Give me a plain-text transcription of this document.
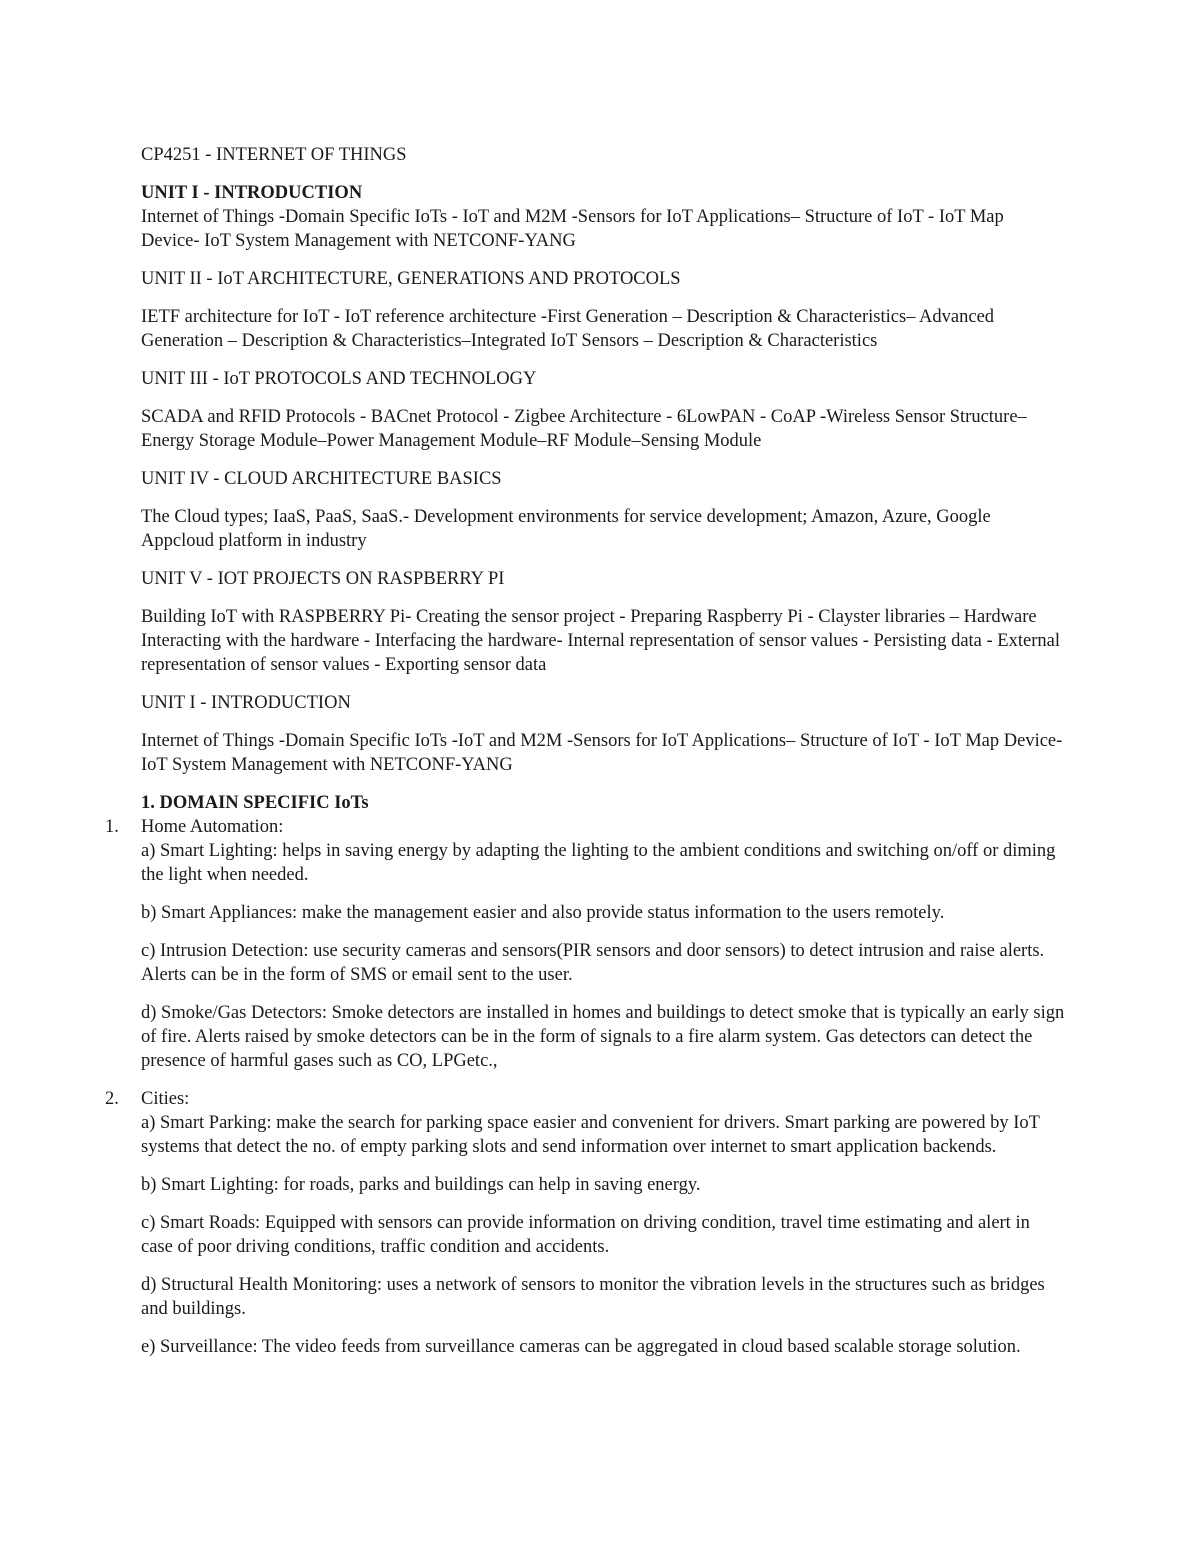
CP4251 - INTERNET OF THINGS

UNIT I - INTRODUCTION

Internet of Things -Domain Specific IoTs - IoT and M2M -Sensors for IoT Applications– Structure of IoT - IoT Map Device- IoT System Management with NETCONF-YANG

UNIT II - IoT ARCHITECTURE, GENERATIONS AND PROTOCOLS

IETF architecture for IoT - IoT reference architecture -First Generation – Description & Characteristics– Advanced Generation – Description & Characteristics–Integrated IoT Sensors – Description & Characteristics

UNIT III - IoT PROTOCOLS AND TECHNOLOGY

SCADA and RFID Protocols - BACnet Protocol - Zigbee Architecture - 6LowPAN - CoAP -Wireless Sensor Structure–Energy Storage Module–Power Management Module–RF Module–Sensing Module

UNIT IV - CLOUD ARCHITECTURE BASICS

The Cloud types; IaaS, PaaS, SaaS.- Development environments for service development; Amazon, Azure, Google Appcloud platform in industry

UNIT V - IOT PROJECTS ON RASPBERRY PI

Building IoT with RASPBERRY Pi- Creating the sensor project - Preparing Raspberry Pi - Clayster libraries – Hardware Interacting with the hardware - Interfacing the hardware- Internal representation of sensor values - Persisting data - External representation of sensor values - Exporting sensor data

UNIT I - INTRODUCTION

Internet of Things -Domain Specific IoTs -IoT and M2M -Sensors for IoT Applications– Structure of IoT - IoT Map Device- IoT System Management with NETCONF-YANG

1. DOMAIN SPECIFIC IoTs

1. Home Automation:

a) Smart Lighting: helps in saving energy by adapting the lighting to the ambient conditions and switching on/off or diming the light when needed.

b) Smart Appliances: make the management easier and also provide status information to the users remotely.

c) Intrusion Detection: use security cameras and sensors(PIR sensors and door sensors) to detect intrusion and raise alerts. Alerts can be in the form of SMS or email sent to the user.

d) Smoke/Gas Detectors: Smoke detectors are installed in homes and buildings to detect smoke that is typically an early sign of fire. Alerts raised by smoke detectors can be in the form of signals to a fire alarm system. Gas detectors can detect the presence of harmful gases such as CO, LPGetc.,

2. Cities:

a) Smart Parking: make the search for parking space easier and convenient for drivers. Smart parking are powered by IoT systems that detect the no. of empty parking slots and send information over internet to smart application backends.

b) Smart Lighting: for roads, parks and buildings can help in saving energy.

c) Smart Roads: Equipped with sensors can provide information on driving condition, travel time estimating and alert in case of poor driving conditions, traffic condition and accidents.

d) Structural Health Monitoring: uses a network of sensors to monitor the vibration levels in the structures such as bridges and buildings.

e) Surveillance: The video feeds from surveillance cameras can be aggregated in cloud based scalable storage solution.
